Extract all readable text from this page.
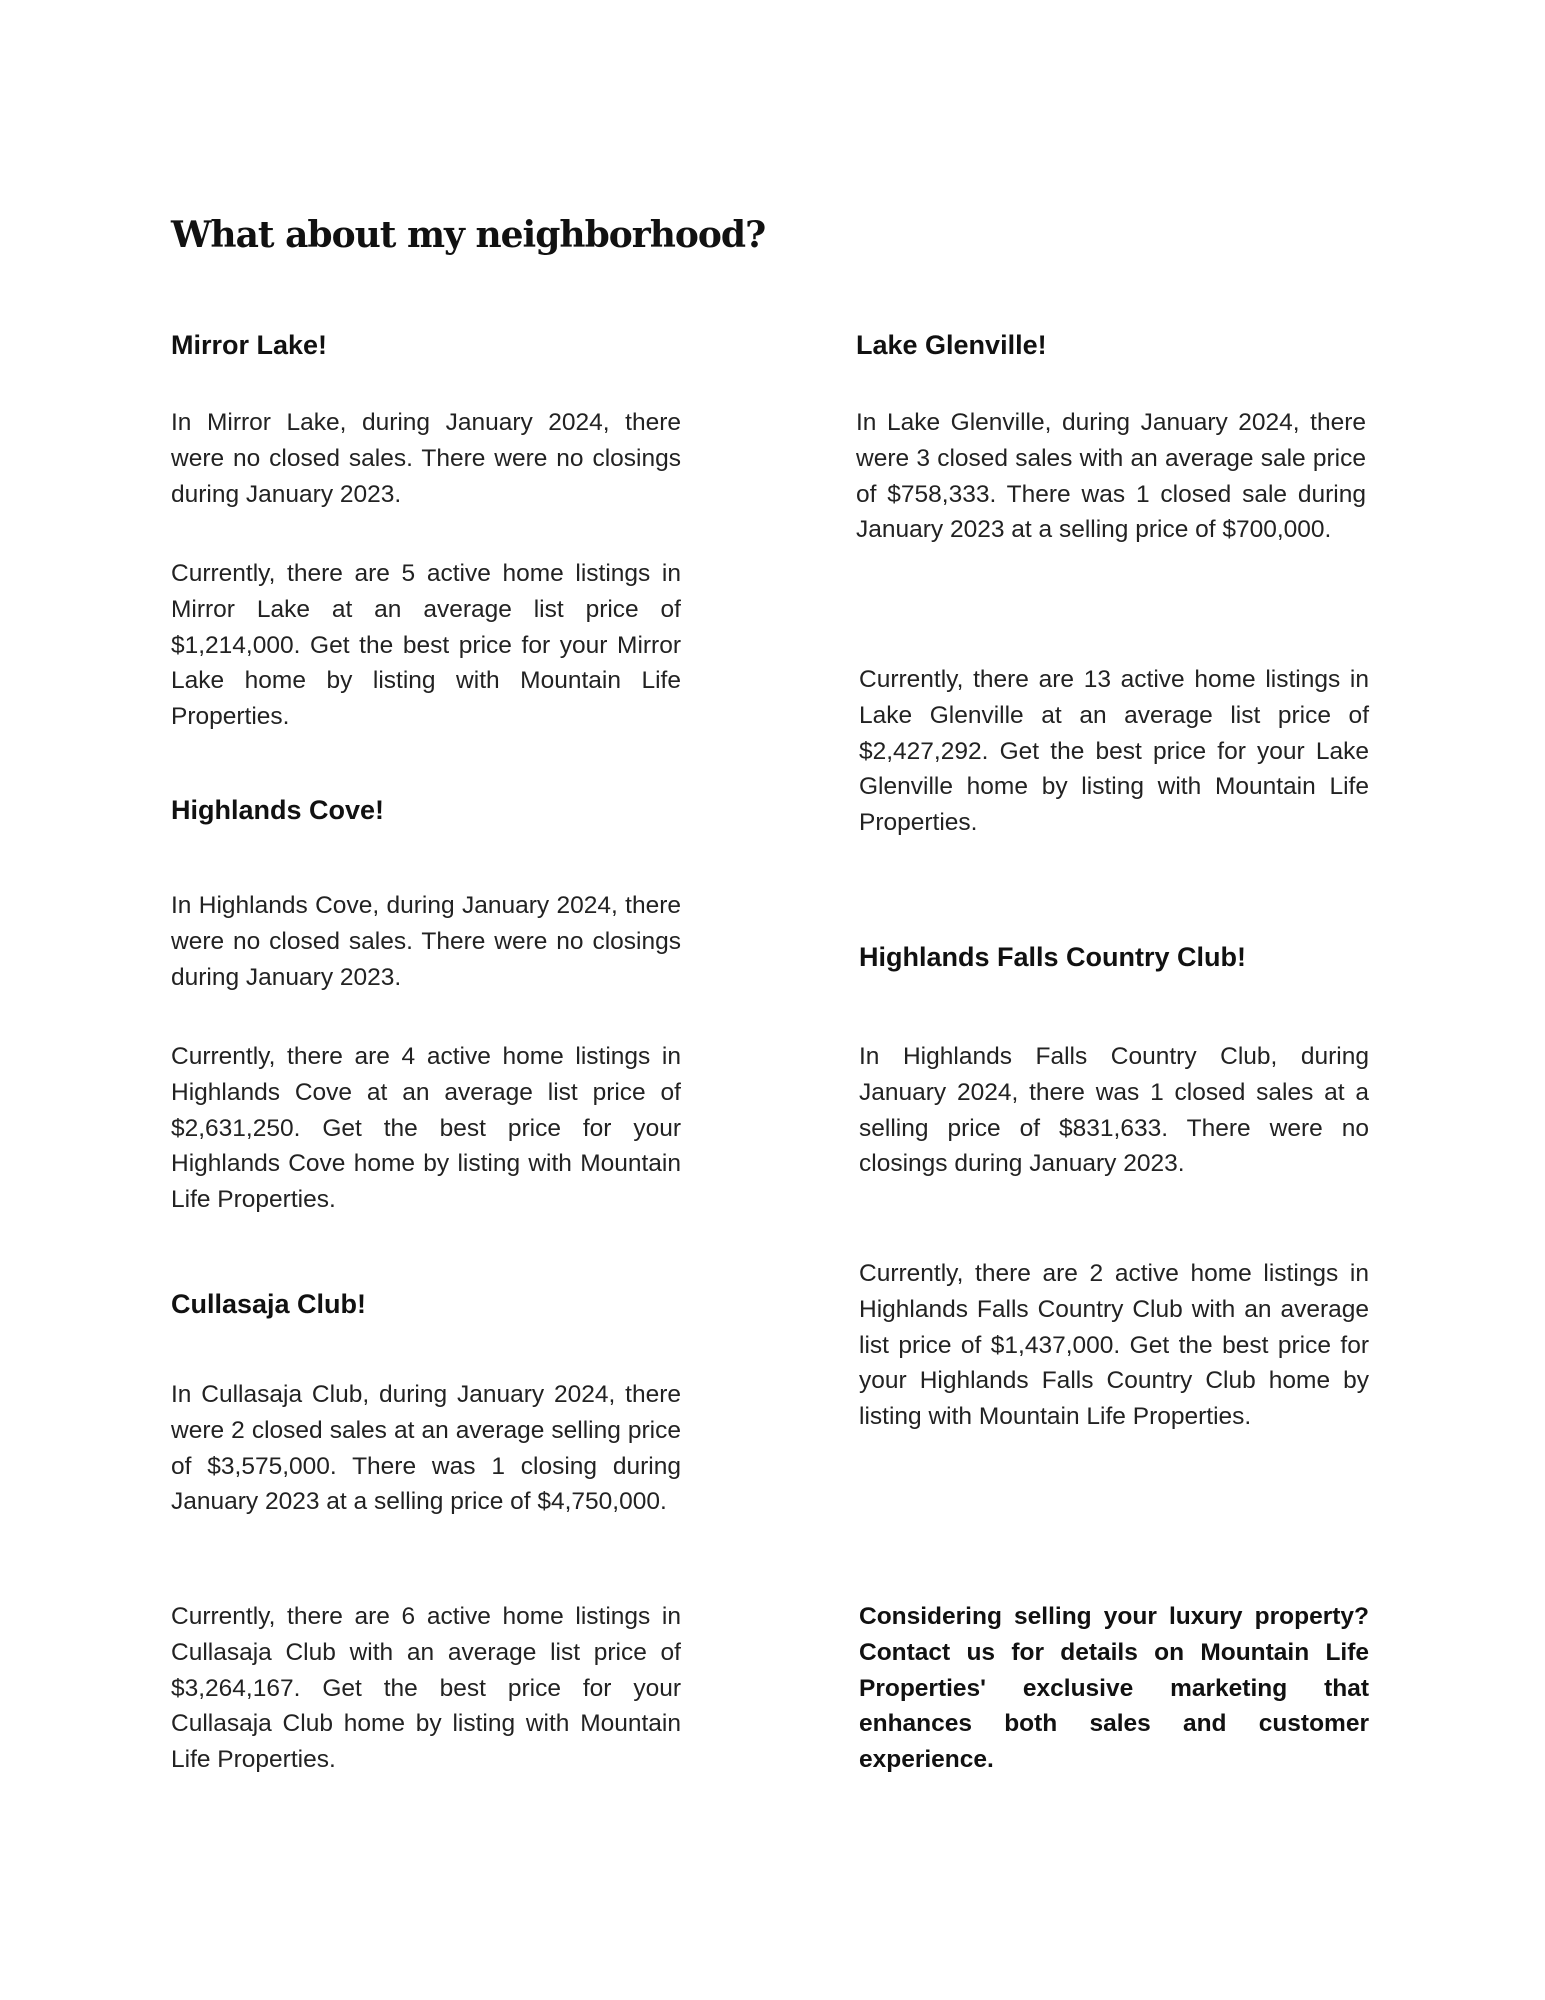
What about my neighborhood?
Mirror Lake!

In Mirror Lake, during January 2024, there were no closed sales. There were no closings during January 2023.

Currently, there are 5 active home listings in Mirror Lake at an average list price of $1,214,000. Get the best price for your Mirror Lake home by listing with Mountain Life Properties.

Highlands Cove!

In Highlands Cove, during January 2024, there were no closed sales. There were no closings during January 2023.

Currently, there are 4 active home listings in Highlands Cove at an average list price of $2,631,250. Get the best price for your Highlands Cove home by listing with Mountain Life Properties.

Cullasaja Club!

In Cullasaja Club, during January 2024, there were 2 closed sales at an average selling price of $3,575,000. There was 1 closing during January 2023 at a selling price of $4,750,000.

Currently, there are 6 active home listings in Cullasaja Club with an average list price of $3,264,167. Get the best price for your Cullasaja Club home by listing with Mountain Life Properties.

Lake Glenville!

In Lake Glenville, during January 2024, there were 3 closed sales with an average sale price of $758,333. There was 1 closed sale during January 2023 at a selling price of $700,000.

Currently, there are 13 active home listings in Lake Glenville at an average list price of $2,427,292. Get the best price for your Lake Glenville home by listing with Mountain Life Properties.

Highlands Falls Country Club!

In Highlands Falls Country Club, during January 2024, there was 1 closed sales at a selling price of $831,633. There were no closings during January 2023.

Currently, there are 2 active home listings in Highlands Falls Country Club with an average list price of $1,437,000. Get the best price for your Highlands Falls Country Club home by listing with Mountain Life Properties.

Considering selling your luxury property? Contact us for details on Mountain Life Properties' exclusive marketing that enhances both sales and customer experience.
